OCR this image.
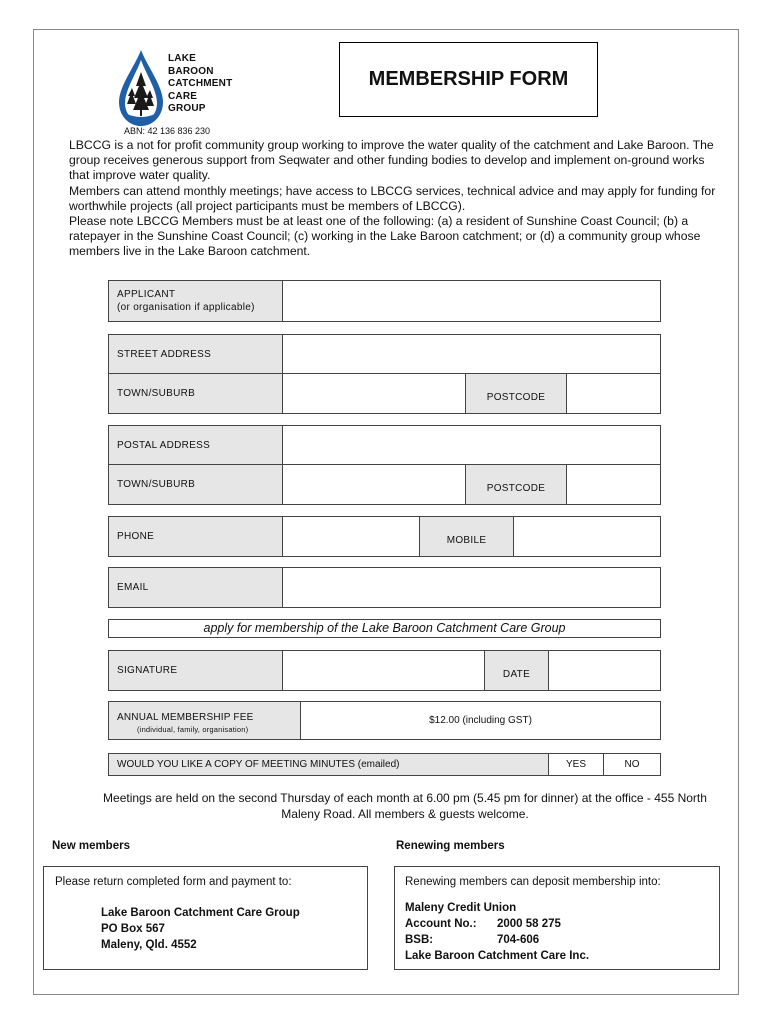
LAKE
BAROON
CATCHMENT
CARE
GROUP
ABN: 42 136 836 230
MEMBERSHIP FORM

LBCCG is a not for profit community group working to improve the water quality of the catchment and Lake Baroon. The group receives generous support from Seqwater and other funding bodies to develop and implement on-ground works that improve water quality.

Members can attend monthly meetings; have access to LBCCG services, technical advice and may apply for funding for worthwhile projects (all project participants must be members of LBCCG).

Please note LBCCG Members must be at least one of the following: (a) a resident of Sunshine Coast Council; (b) a ratepayer in the Sunshine Coast Council; (c) working in the Lake Baroon catchment; or (d) a community group whose members live in the Lake Baroon catchment.

APPLICANT
(or organisation if applicable)
STREET ADDRESS
TOWN/SUBURB	POSTCODE
POSTAL ADDRESS
TOWN/SUBURB	POSTCODE
PHONE	MOBILE
EMAIL
apply for membership of the Lake Baroon Catchment Care Group
SIGNATURE	DATE
ANNUAL MEMBERSHIP FEE
(individual, family, organisation)
$12.00 (including GST)
WOULD YOU LIKE A COPY OF MEETING MINUTES (emailed)	YES	NO
Meetings are held on the second Thursday of each month at 6.00 pm (5.45 pm for dinner) at the office - 455 North Maleny Road. All members & guests welcome.
New members
Please return completed form and payment to:
Lake Baroon Catchment Care Group
PO Box 567
Maleny, Qld. 4552
Renewing members
Renewing members can deposit membership into:
Maleny Credit Union
Account No.:	2000 58 275
BSB:	704-606
Lake Baroon Catchment Care Inc.
